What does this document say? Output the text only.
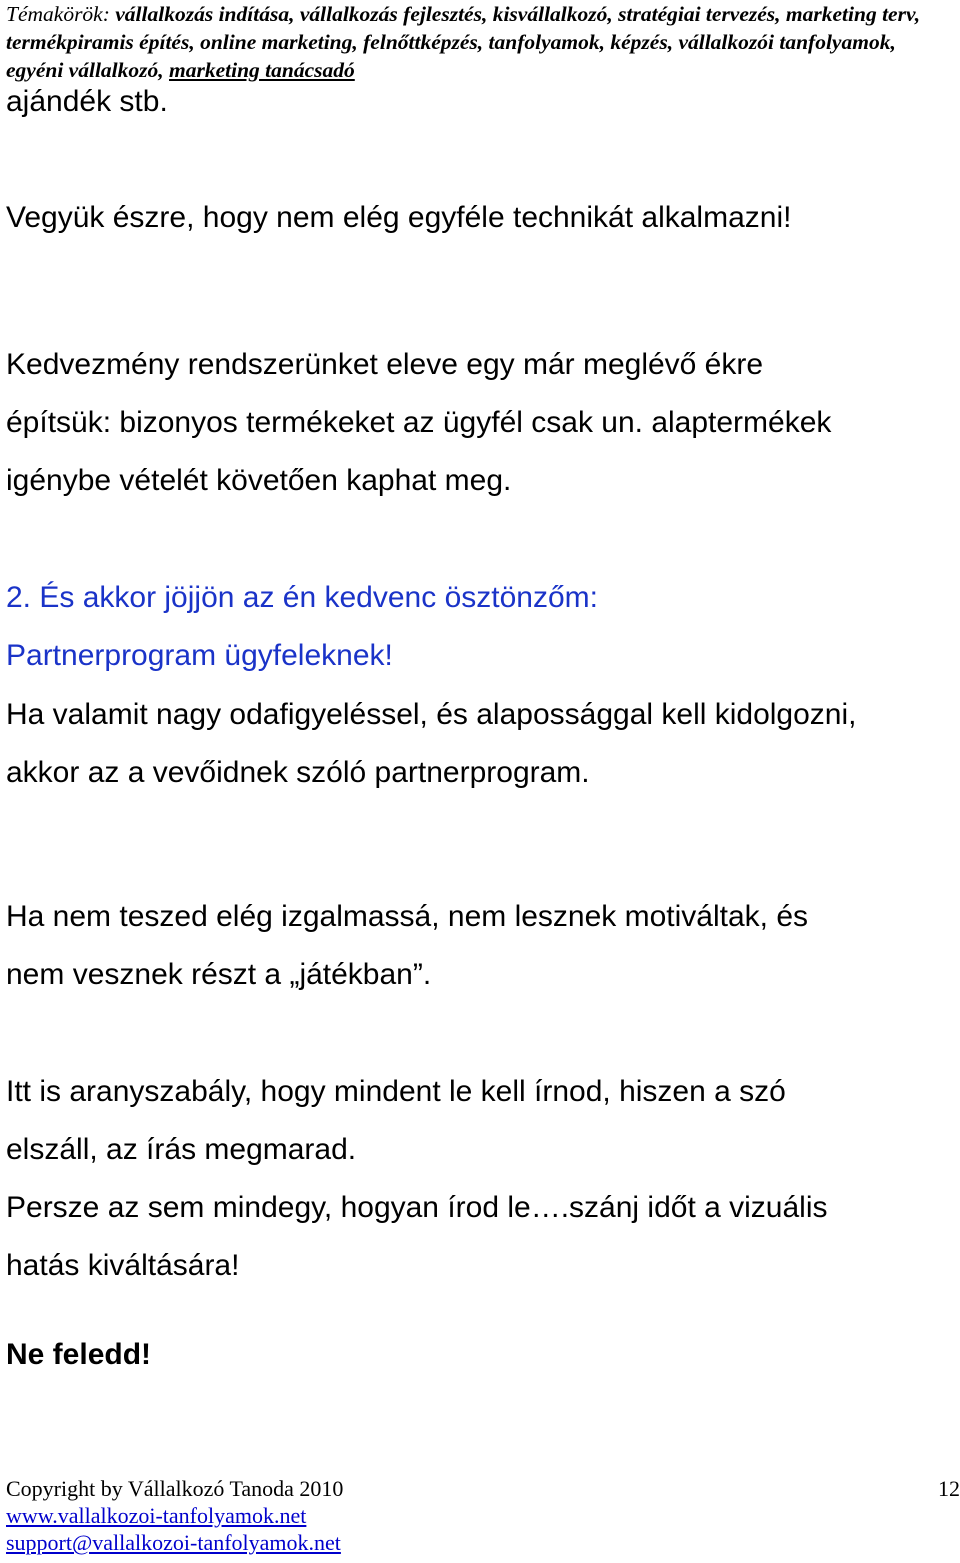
Témakörök: vállalkozás indítása, vállalkozás fejlesztés, kisvállalkozó, stratégiai tervezés, marketing terv, termékpiramis építés, online marketing, felnőttképzés, tanfolyamok, képzés, vállalkozói tanfolyamok, egyéni vállalkozó, marketing tanácsadó

ajándék stb.

Vegyük észre, hogy nem elég egyféle technikát alkalmazni!

Kedvezmény rendszerünket eleve egy már meglévő ékre

építsük: bizonyos termékeket az ügyfél csak un. alaptermékek

igénybe vételét követően kaphat meg.

2. És akkor jöjjön az én kedvenc ösztönzőm:

Partnerprogram ügyfeleknek!

Ha valamit nagy odafigyeléssel, és alapossággal kell kidolgozni,

akkor az a vevőidnek szóló partnerprogram.

Ha nem teszed elég izgalmassá, nem lesznek motiváltak, és

nem vesznek részt a „játékban”.

Itt is aranyszabály, hogy mindent le kell írnod, hiszen a szó

elszáll, az írás megmarad.

Persze az sem mindegy, hogyan írod le….szánj időt a vizuális

hatás kiváltására!

Ne feledd!

Copyright by Vállalkozó Tanoda 2010	12
www.vallalkozoi-tanfolyamok.net
support@vallalkozoi-tanfolyamok.net
